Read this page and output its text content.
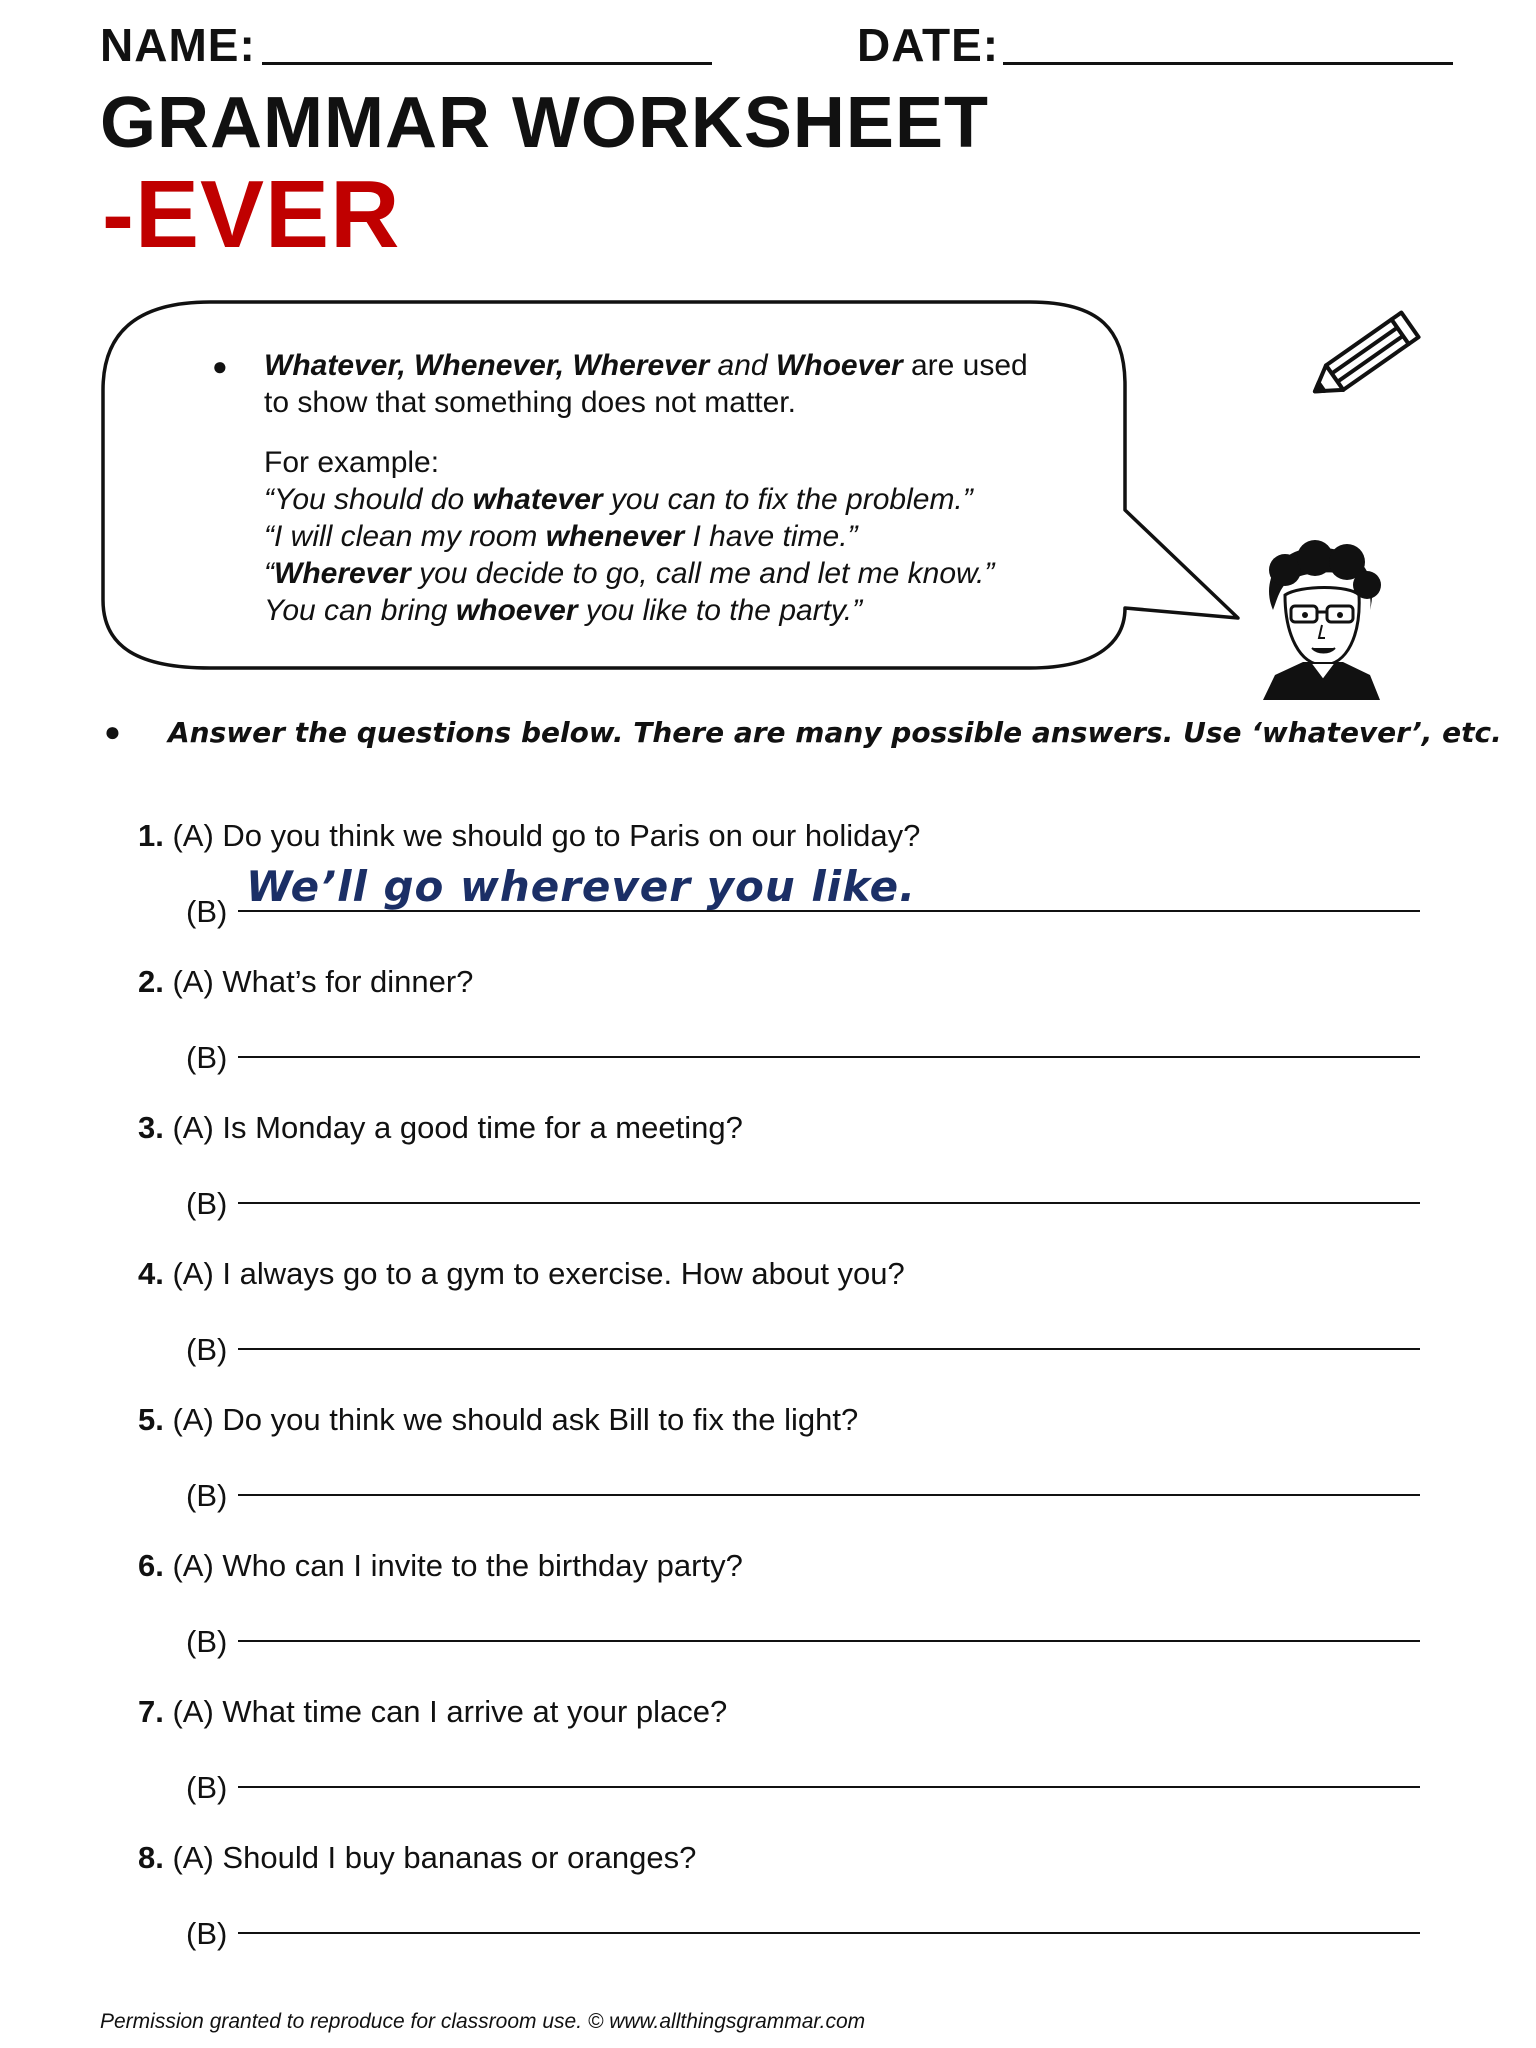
NAME:	DATE:
GRAMMAR WORKSHEET
-EVER
●	Whatever, Whenever, Wherever and Whoever are used
to show that something does not matter.
For example:
“You should do whatever you can to fix the problem.”
“I will clean my room whenever I have time.”
“Wherever you decide to go, call me and let me know.”
You can bring whoever you like to the party.”
● Answer the questions below. There are many possible answers. Use ‘whatever’, etc.
1. (A) Do you think we should go to Paris on our holiday?
(B)
We’ll go wherever you like.
2. (A) What’s for dinner?
(B)
3. (A) Is Monday a good time for a meeting?
(B)
4. (A) I always go to a gym to exercise. How about you?
(B)
5. (A) Do you think we should ask Bill to fix the light?
(B)
6. (A) Who can I invite to the birthday party?
(B)
7. (A) What time can I arrive at your place?
(B)
8. (A) Should I buy bananas or oranges?
(B)
Permission granted to reproduce for classroom use. © www.allthingsgrammar.com
